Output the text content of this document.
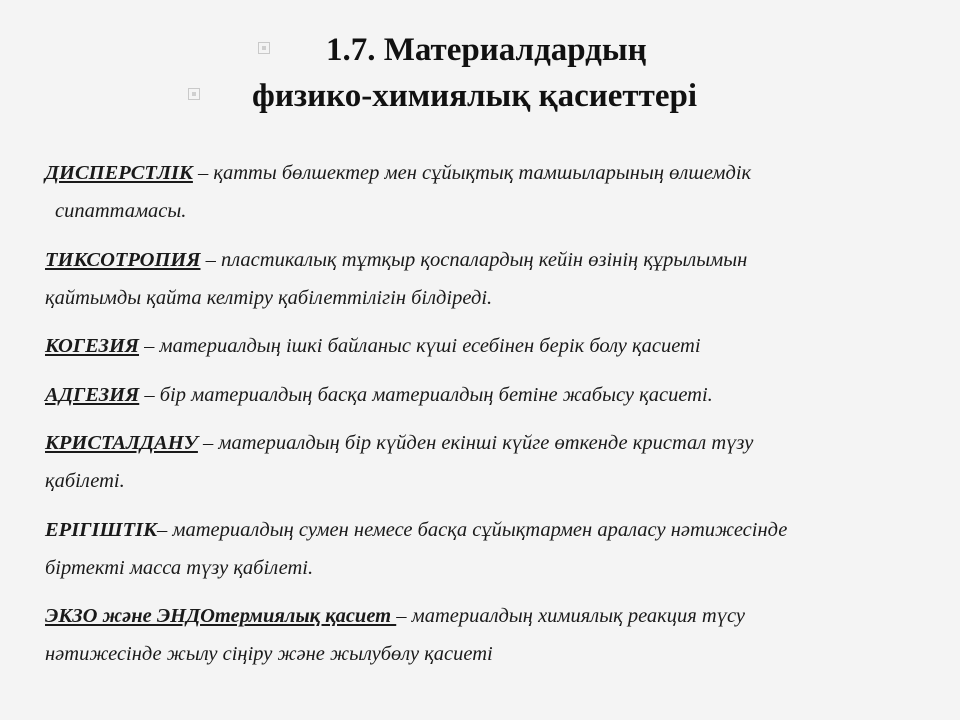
1.7. Материалдардың
физико-химиялық қасиеттері
ДИСПЕРСТЛІК – қатты бөлшектер мен сұйықтық тамшыларының өлшемдік
сипаттамасы.
ТИКСОТРОПИЯ – пластикалық тұтқыр қоспалардың кейін өзінің құрылымын
қайтымды қайта келтіру қабілеттілігін білдіреді.
КОГЕЗИЯ – материалдың ішкі байланыс күші есебінен берік болу қасиеті
АДГЕЗИЯ – бір материалдың басқа материалдың бетіне жабысу қасиеті.
КРИСТАЛДАНУ – материалдың бір күйден екінші күйге өткенде кристал түзу
қабілеті.
ЕРІГІШТІК– материалдың сумен немесе басқа сұйықтармен араласу нәтижесінде
біртекті масса түзу қабілеті.
ЭКЗО және ЭНДОтермиялық қасиет – материалдың химиялық реакция түсу
нәтижесінде жылу сіңіру және жылубөлу қасиеті
